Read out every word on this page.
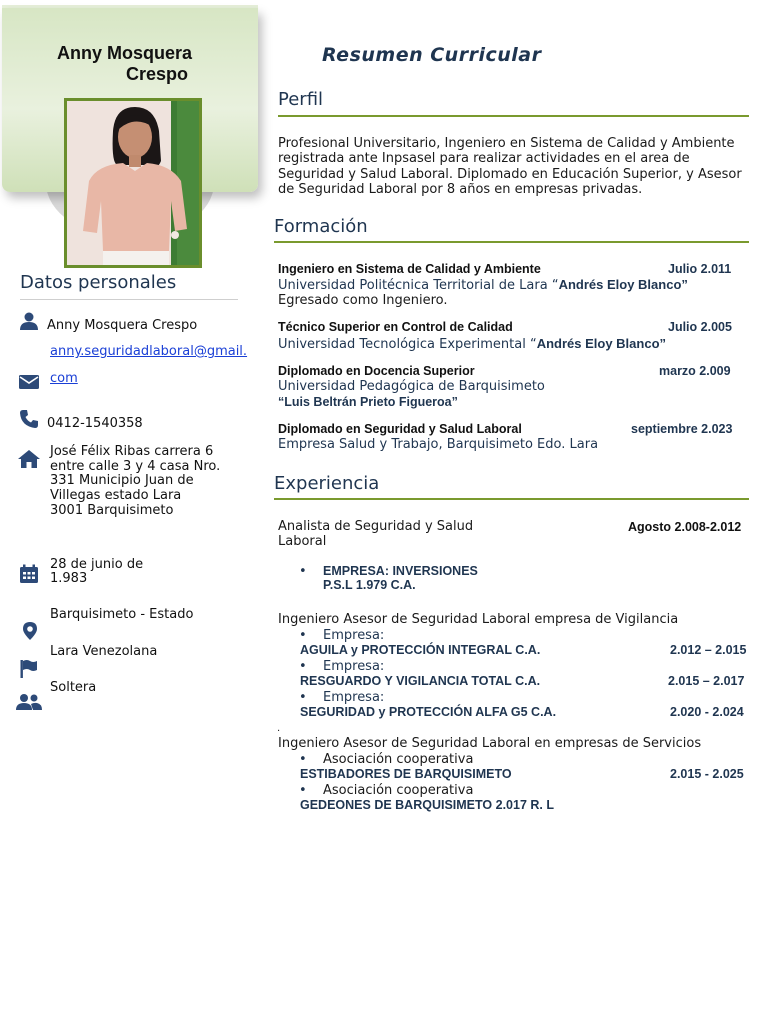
Anny Mosquera
Crespo
Datos personales
Anny Mosquera Crespo
anny.seguridadlaboral@gmail.
com
0412-1540358
José Félix Ribas carrera 6
entre calle 3 y 4 casa Nro.
331 Municipio Juan de
Villegas estado Lara
3001 Barquisimeto
28 de junio de
1.983
Barquisimeto - Estado
Lara Venezolana
Soltera
Resumen Curricular
Perfil
Profesional Universitario, Ingeniero en Sistema de Calidad y Ambiente
registrada ante Inpsasel para realizar actividades en el area de
Seguridad y Salud Laboral. Diplomado en Educación Superior, y Asesor
de Seguridad Laboral por 8 años en empresas privadas.
Formación
Ingeniero en Sistema de Calidad y Ambiente	Julio 2.011
Universidad Politécnica Territorial de Lara “Andrés Eloy Blanco”
Egresado como Ingeniero.
Técnico Superior en Control de Calidad	Julio 2.005
Universidad Tecnológica Experimental “Andrés Eloy Blanco”
Diplomado en Docencia Superior	marzo 2.009
Universidad Pedagógica de Barquisimeto
“Luis Beltrán Prieto Figueroa”
Diplomado en Seguridad y Salud Laboral	septiembre 2.023
Empresa Salud y Trabajo, Barquisimeto Edo. Lara
Experiencia
Analista de Seguridad y Salud
Laboral
Agosto 2.008-2.012
• EMPRESA: INVERSIONES
P.S.L 1.979 C.A.
Ingeniero Asesor de Seguridad Laboral empresa de Vigilancia
• Empresa:
AGUILA y PROTECCIÓN INTEGRAL C.A.	2.012 – 2.015
• Empresa:
RESGUARDO Y VIGILANCIA TOTAL C.A.	2.015 – 2.017
• Empresa:
SEGURIDAD y PROTECCIÓN ALFA G5 C.A.	2.020 - 2.024
.
Ingeniero Asesor de Seguridad Laboral en empresas de Servicios
• Asociación cooperativa
ESTIBADORES DE BARQUISIMETO	2.015 - 2.025
• Asociación cooperativa
GEDEONES DE BARQUISIMETO 2.017 R. L
